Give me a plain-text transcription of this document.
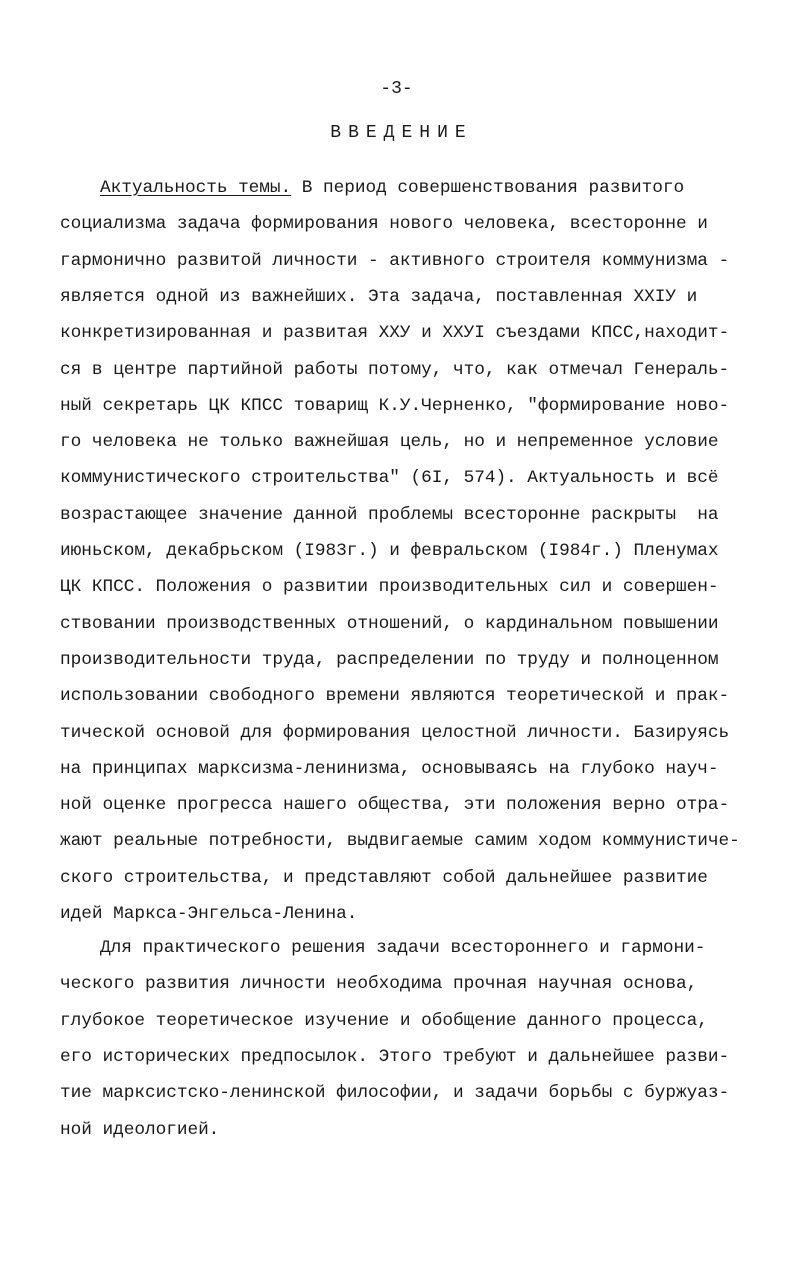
-3-
ВВЕДЕНИЕ
Актуальность темы. В период совершенствования развитого
социализма задача формирования нового человека, всесторонне и
гармонично развитой личности - активного строителя коммунизма -
является одной из важнейших. Эта задача, поставленная XXIУ и
конкретизированная и развитая XXУ и XXУI съездами КПСС,находит-
ся в центре партийной работы потому, что, как отмечал Генераль-
ный секретарь ЦК КПСС товарищ К.У.Черненко, "формирование ново-
го человека не только важнейшая цель, но и непременное условие
коммунистического строительства" (6I, 574). Актуальность и всё
возрастающее значение данной проблемы всесторонне раскрыты  на
июньском, декабрьском (I983г.) и февральском (I984г.) Пленумах
ЦК КПСС. Положения о развитии производительных сил и совершен-
ствовании производственных отношений, о кардинальном повышении
производительности труда, распределении по труду и полноценном
использовании свободного времени являются теоретической и прак-
тической основой для формирования целостной личности. Базируясь
на принципах марксизма-ленинизма, основываясь на глубоко науч-
ной оценке прогресса нашего общества, эти положения верно отра-
жают реальные потребности, выдвигаемые самим ходом коммунистиче-
ского строительства, и представляют собой дальнейшее развитие
идей Маркса-Энгельса-Ленина.
Для практического решения задачи всестороннего и гармони-
ческого развития личности необходима прочная научная основа,
глубокое теоретическое изучение и обобщение данного процесса,
его исторических предпосылок. Этого требуют и дальнейшее разви-
тие марксистско-ленинской философии, и задачи борьбы с буржуаз-
ной идеологией.
